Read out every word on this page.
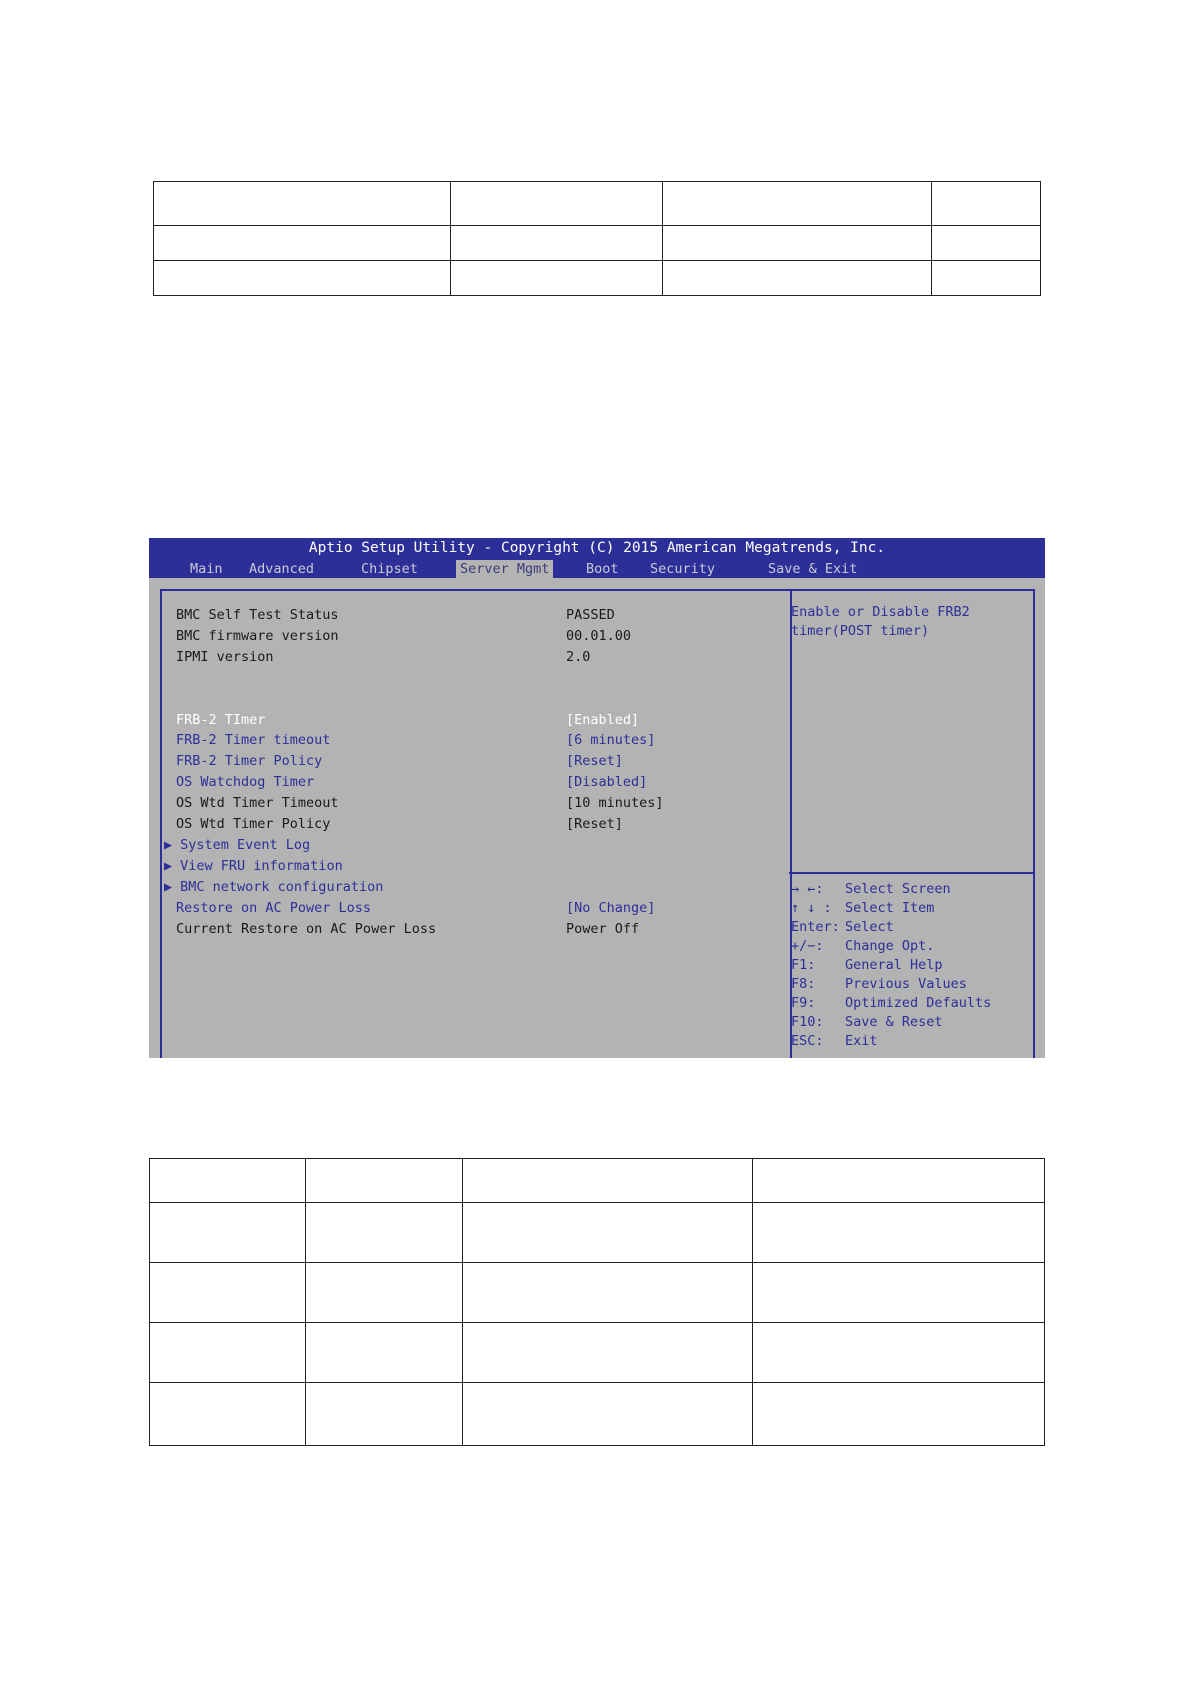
Aptio Setup Utility - Copyright (C) 2015 American Megatrends, Inc.
Main Advanced	Chipset	Server Mgmt	Boot Security	Save & Exit
BMC Self Test Status	PASSED
BMC firmware version	00.01.00
IPMI version	2.0
FRB-2 TImer	[Enabled]
FRB-2 Timer timeout	[6 minutes]
FRB-2 Timer Policy	[Reset]
OS Watchdog Timer	[Disabled]
OS Wtd Timer Timeout	[10 minutes]
OS Wtd Timer Policy	[Reset]
▶ System Event Log
▶ View FRU information
▶ BMC network configuration
Restore on AC Power Loss	[No Change]
Current Restore on AC Power Loss	Power Off
Enable or Disable FRB2
timer(POST timer)
→ ←: Select Screen
↑ ↓ : Select Item
Enter: Select
+/−: Change Opt.
F1: General Help
F8: Previous Values
F9: Optimized Defaults
F10: Save & Reset
ESC: Exit
